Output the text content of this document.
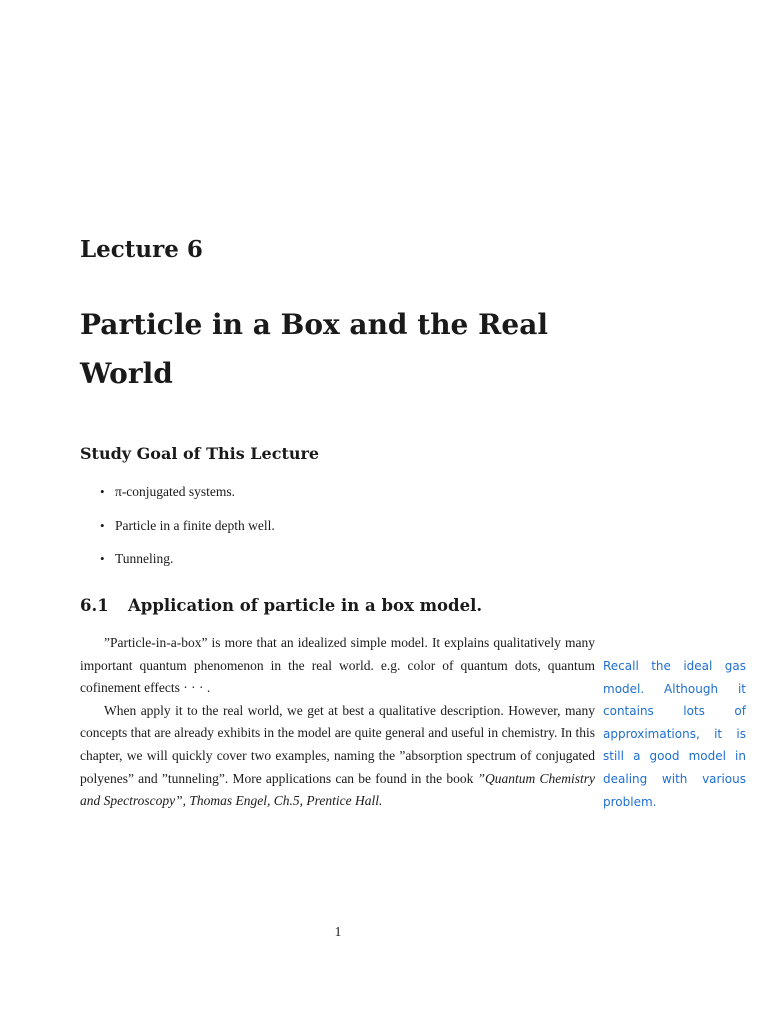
Lecture 6
Particle in a Box and the Real World
Study Goal of This Lecture
• π-conjugated systems.
• Particle in a finite depth well.
• Tunneling.
6.1 Application of particle in a box model.

”Particle-in-a-box” is more that an idealized simple model. It explains qualitatively many important quantum phenomenon in the real world. e.g. color of quantum dots, quantum cofinement effects · · · .

When apply it to the real world, we get at best a qualitative description. However, many concepts that are already exhibits in the model are quite general and useful in chemistry. In this chapter, we will quickly cover two examples, naming the ”absorption spectrum of conjugated polyenes” and ”tunneling”. More applications can be found in the book ”Quantum Chemistry and Spectroscopy”, Thomas Engel, Ch.5, Prentice Hall.

Recall the ideal gas model. Although it contains lots of approximations, it is still a good model in dealing with various problem.
1
